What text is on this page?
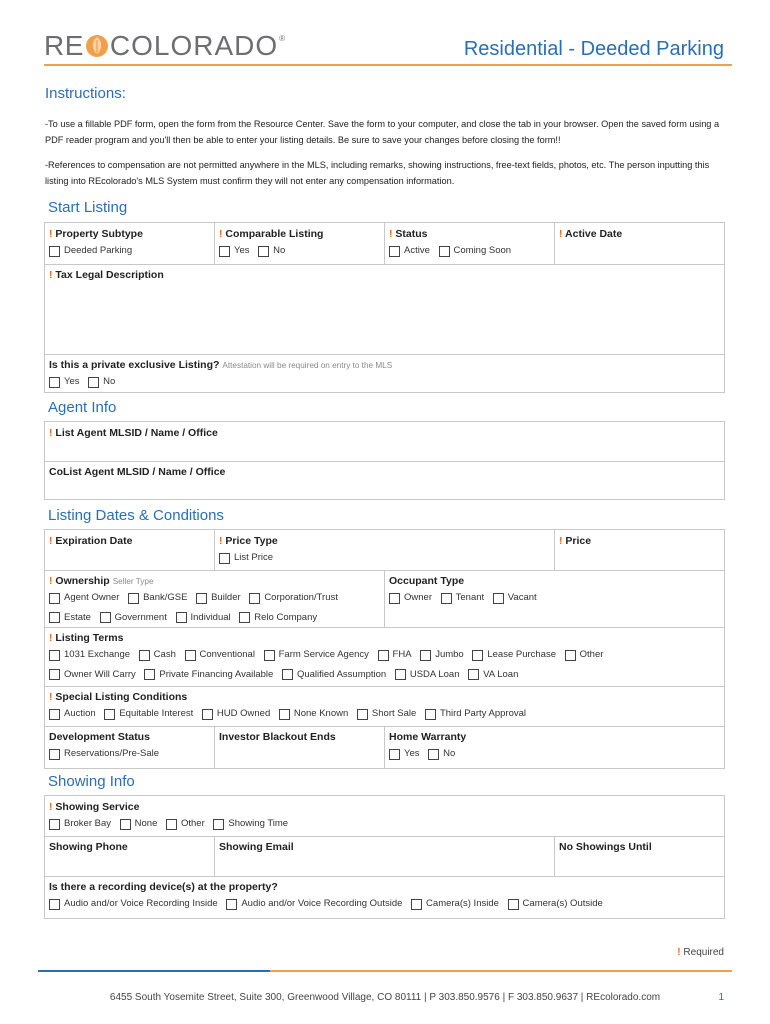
RE COLORADO ®	Residential - Deeded Parking
Instructions:
-To use a fillable PDF form, open the form from the Resource Center. Save the form to your computer, and close the tab in your browser. Open the saved form using a PDF reader program and you'll then be able to enter your listing details. Be sure to save your changes before closing the form!!
-References to compensation are not permitted anywhere in the MLS, including remarks, showing instructions, free-text fields, photos, etc. The person inputting this listing into REcolorado's MLS System must confirm they will not enter any compensation information.
Start Listing
! Property Subtype
Deeded Parking
! Comparable Listing
Yes
No
! Status
Active
Coming Soon
! Active Date
! Tax Legal Description
Is this a private exclusive Listing? Attestation will be required on entry to the MLS
Yes
No
Agent Info
! List Agent MLSID / Name / Office
CoList Agent MLSID / Name / Office
Listing Dates & Conditions
! Expiration Date	! Price Type
List Price
! Price
! Ownership Seller Type
Agent Owner
Bank/GSE
Builder
Corporation/Trust

Estate
Government
Individual
Relo Company
Occupant Type
Owner
Tenant
Vacant
! Listing Terms
1031 Exchange
Cash
Conventional
Farm Service Agency
FHA
Jumbo
Lease Purchase
Other

Owner Will Carry
Private Financing Available
Qualified Assumption
USDA Loan
VA Loan
! Special Listing Conditions
Auction
Equitable Interest
HUD Owned
None Known
Short Sale
Third Party Approval
Development Status
Reservations/Pre-Sale
Investor Blackout Ends	Home Warranty
Yes
No
Showing Info
! Showing Service
Broker Bay
None
Other
Showing Time
Showing Phone	Showing Email	No Showings Until
Is there a recording device(s) at the property?
Audio and/or Voice Recording Inside
Audio and/or Voice Recording Outside
Camera(s) Inside
Camera(s) Outside
! Required
6455 South Yosemite Street, Suite 300, Greenwood Village, CO 80111 | P 303.850.9576 | F 303.850.9637 | REcolorado.com	1
